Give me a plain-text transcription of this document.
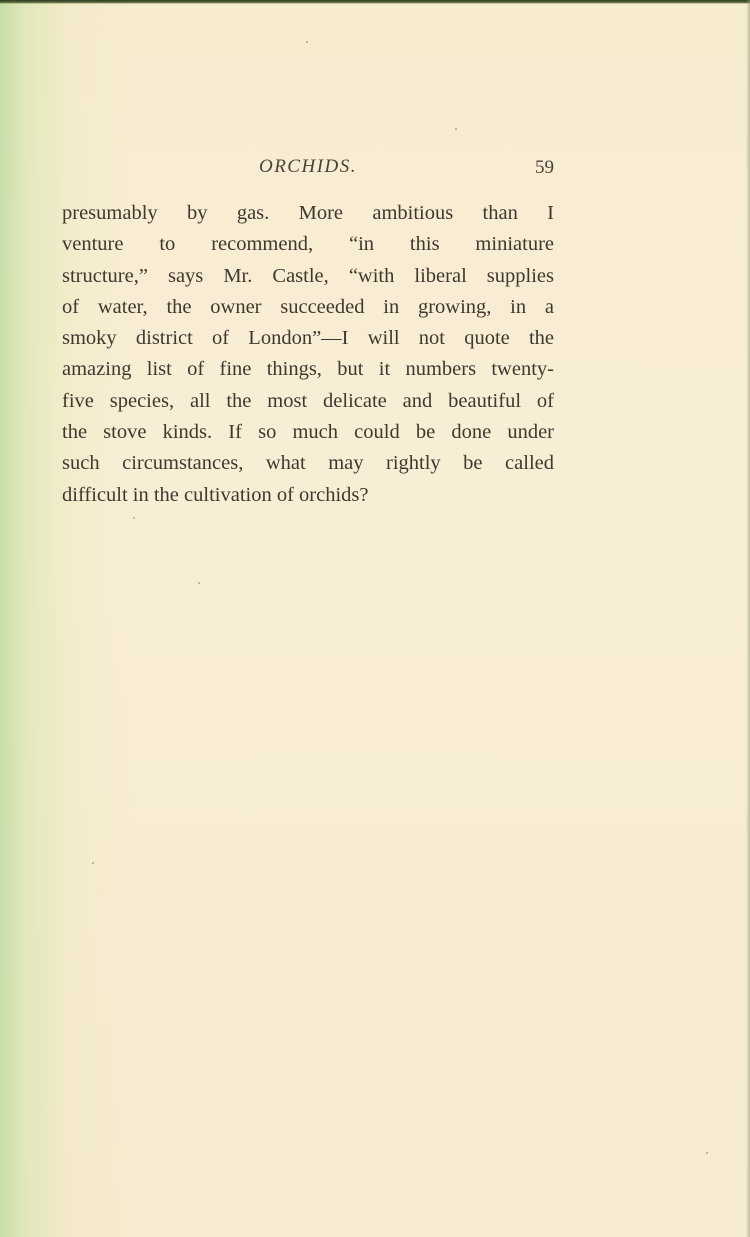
ORCHIDS.	59
presumably by gas. More ambitious than I
venture to recommend, “in this miniature
structure,” says Mr. Castle, “with liberal supplies
of water, the owner succeeded in growing, in a
smoky district of London”—I will not quote the
amazing list of fine things, but it numbers twenty-
five species, all the most delicate and beautiful of
the stove kinds. If so much could be done under
such circumstances, what may rightly be called
difficult in the cultivation of orchids?
